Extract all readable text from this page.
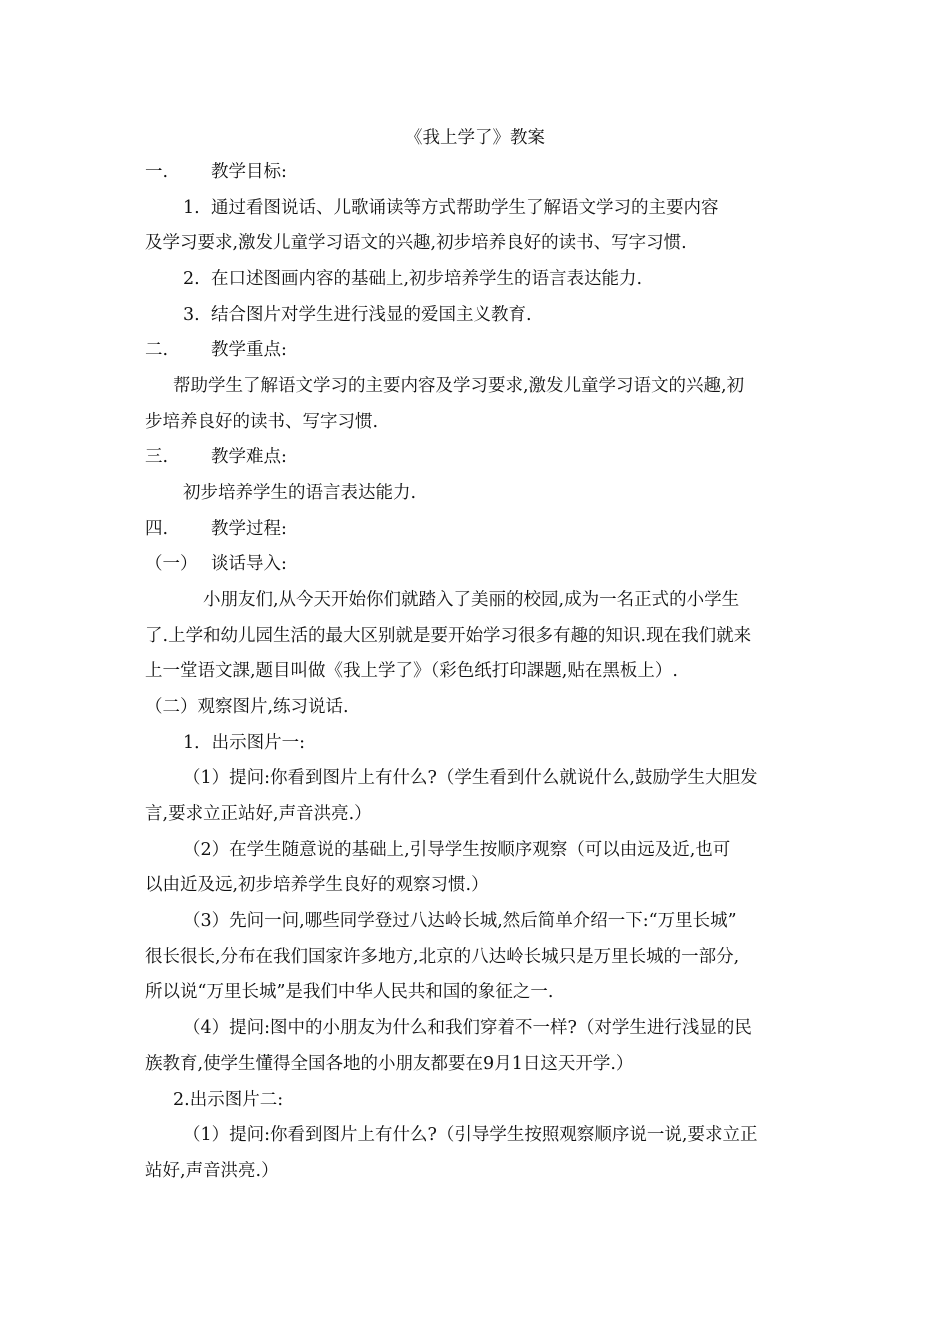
《我上学了》教案
一. 教学目标:
1. 通过看图说话、儿歌诵读等方式帮助学生了解语文学习的主要内容
及学习要求,激发儿童学习语文的兴趣,初步培养良好的读书、写字习惯.
2. 在口述图画内容的基础上,初步培养学生的语言表达能力.
3. 结合图片对学生进行浅显的爱国主义教育.
二. 教学重点:
帮助学生了解语文学习的主要内容及学习要求,激发儿童学习语文的兴趣,初
步培养良好的读书、写字习惯.
三. 教学难点:
初步培养学生的语言表达能力.
四. 教学过程:
（一） 谈话导入:
小朋友们,从今天开始你们就踏入了美丽的校园,成为一名正式的小学生
了.上学和幼儿园生活的最大区别就是要开始学习很多有趣的知识.现在我们就来
上一堂语文課,题目叫做《我上学了》（彩色纸打印課题,贴在黑板上）.
（二）观察图片,练习说话.
1．出示图片一:
（1）提问:你看到图片上有什么?（学生看到什么就说什么,鼓励学生大胆发
言,要求立正站好,声音洪亮.）
（2）在学生随意说的基础上,引导学生按顺序观察（可以由远及近,也可
以由近及远,初步培养学生良好的观察习惯.）
（3）先问一问,哪些同学登过八达岭长城,然后简单介绍一下:“万里长城”
很长很长,分布在我们国家许多地方,北京的八达岭长城只是万里长城的一部分,
所以说“万里长城”是我们中华人民共和国的象征之一.
（4）提问:图中的小朋友为什么和我们穿着不一样?（对学生进行浅显的民
族教育,使学生懂得全国各地的小朋友都要在9月1日这天开学.）
2.出示图片二:
（1）提问:你看到图片上有什么?（引导学生按照观察顺序说一说,要求立正
站好,声音洪亮.）
